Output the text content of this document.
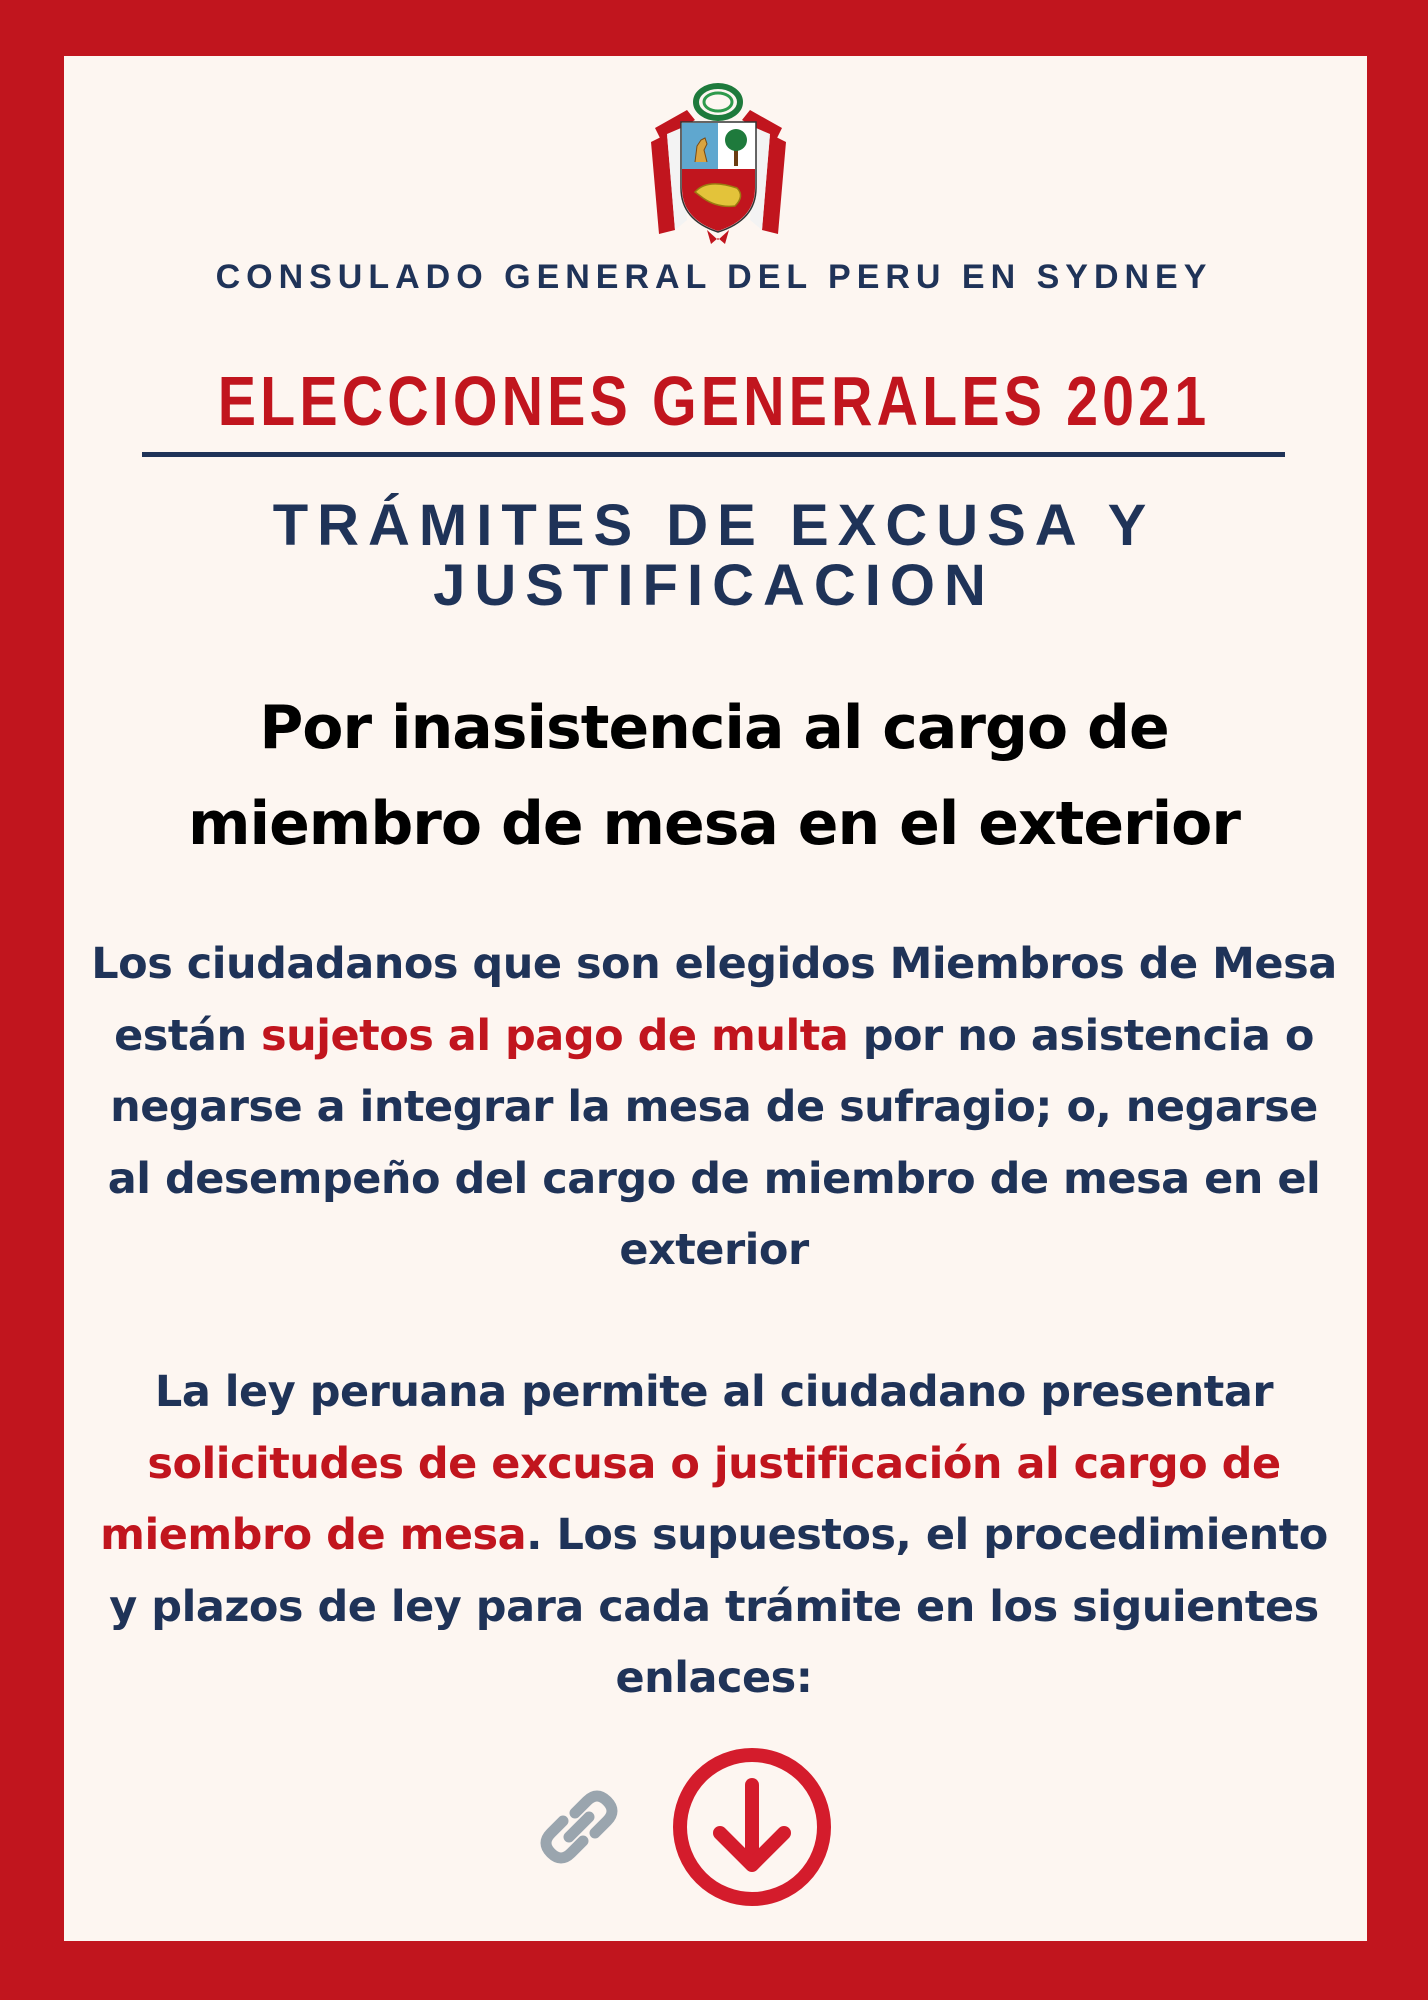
CONSULADO GENERAL DEL PERU EN SYDNEY
ELECCIONES GENERALES 2021
TRÁMITES DE EXCUSA Y
JUSTIFICACION
Por inasistencia al cargo de
miembro de mesa en el exterior
Los ciudadanos que son elegidos Miembros de Mesa están sujetos al pago de multa por no asistencia o negarse a integrar la mesa de sufragio; o, negarse al desempeño del cargo de miembro de mesa en el exterior
La ley peruana permite al ciudadano presentar solicitudes de excusa o justificación al cargo de miembro de mesa. Los supuestos, el procedimiento y plazos de ley para cada trámite en los siguientes enlaces:
